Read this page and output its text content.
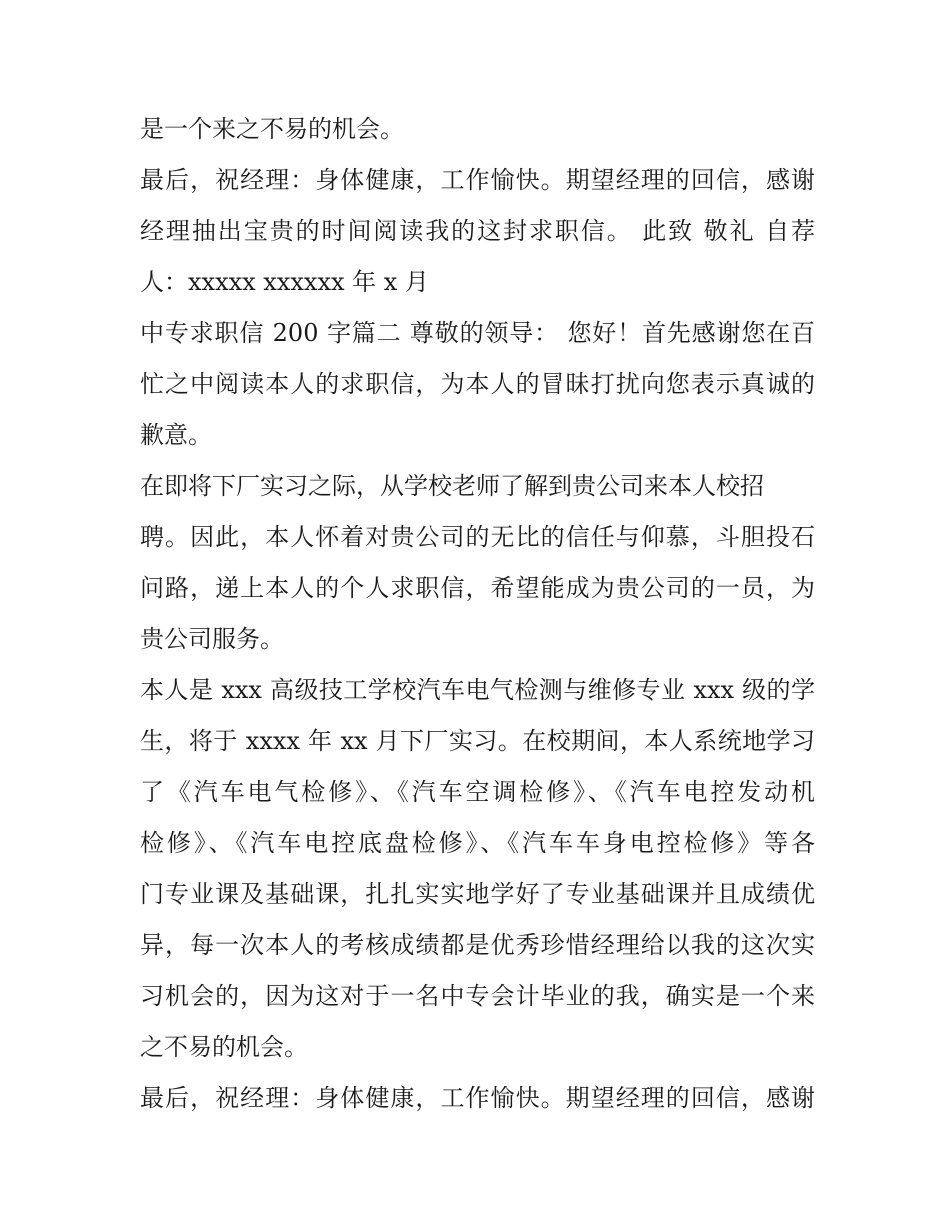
是一个来之不易的机会。
最后，祝经理：身体健康，工作愉快。期望经理的回信，感谢
经理抽出宝贵的时间阅读我的这封求职信。 此致 敬礼 自荐
人：xxxxx xxxxxx 年 x 月
中专求职信 200 字篇二 尊敬的领导： 您好！首先感谢您在百
忙之中阅读本人的求职信，为本人的冒昧打扰向您表示真诚的
歉意。
在即将下厂实习之际，从学校老师了解到贵公司来本人校招
聘。因此，本人怀着对贵公司的无比的信任与仰慕，斗胆投石
问路，递上本人的个人求职信，希望能成为贵公司的一员，为
贵公司服务。
本人是 xxx 高级技工学校汽车电气检测与维修专业 xxx 级的学
生，将于 xxxx 年 xx 月下厂实习。在校期间，本人系统地学习
了《汽车电气检修》、《汽车空调检修》、《汽车电控发动机
检修》、《汽车电控底盘检修》、《汽车车身电控检修》等各
门专业课及基础课，扎扎实实地学好了专业基础课并且成绩优
异，每一次本人的考核成绩都是优秀珍惜经理给以我的这次实
习机会的，因为这对于一名中专会计毕业的我，确实是一个来
之不易的机会。
最后，祝经理：身体健康，工作愉快。期望经理的回信，感谢
